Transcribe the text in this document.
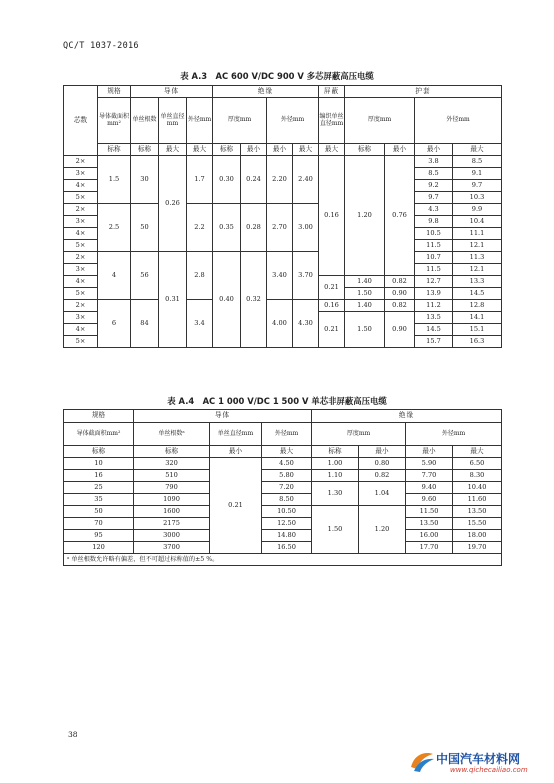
QC/T 1037-2016
表 A.3　AC 600 V/DC 900 V 多芯屏蔽高压电缆
芯数	规格	导体			绝缘				屏蔽	护套			
	导体截面积mm²	单丝根数	单丝直径mm	外径mm	厚度mm		外径mm		编织单丝直径mm	厚度mm		外径mm	
	标称	标称	最大	最大	标称	最小	最小	最大	最大	标称	最小	最小	最大
2×	1.5	30	0.26	1.7	0.30	0.24	2.20	2.40	0.16	1.20	0.76	3.8	8.5
3×												8.5	9.1
4×												9.2	9.7
5×												9.7	10.3
2×	2.5	50		2.2	0.35	0.28	2.70	3.00				4.3	9.9
3×												9.8	10.4
4×												10.5	11.1
5×												11.5	12.1
2×	4	56	0.31	2.8	0.40	0.32	3.40	3.70				10.7	11.3
3×												11.5	12.1
4×									0.21	1.40	0.82	12.7	13.3
5×										1.50	0.90	13.9	14.5
2×	6	84		3.4			4.00	4.30	0.16	1.40	0.82	11.2	12.8
3×									0.21	1.50	0.90	13.5	14.1
4×												14.5	15.1
5×												15.7	16.3
表 A.4　AC 1 000 V/DC 1 500 V 单芯非屏蔽高压电缆
规格	导体			绝缘			
导体截面积mm²	单丝根数ᵃ	单丝直径mm	外径mm	厚度mm		外径mm	
标称	标称	最小	最大	标称	最小	最小	最大
10	320	0.21	4.50	1.00	0.80	5.90	6.50
16	510		5.80	1.10	0.82	7.70	8.30
25	790		7.20	1.30	1.04	9.40	10.40
35	1090		8.50			9.60	11.60
50	1600		10.50	1.50	1.20	11.50	13.50
70	2175		12.50			13.50	15.50
95	3000		14.80			16.00	18.00
120	3700		16.50			17.70	19.70
ᵃ 单丝根数允许略有偏差，但不可超过标称值的±5 %。							
38
中国汽车材料网
www.qichecailiao.com
